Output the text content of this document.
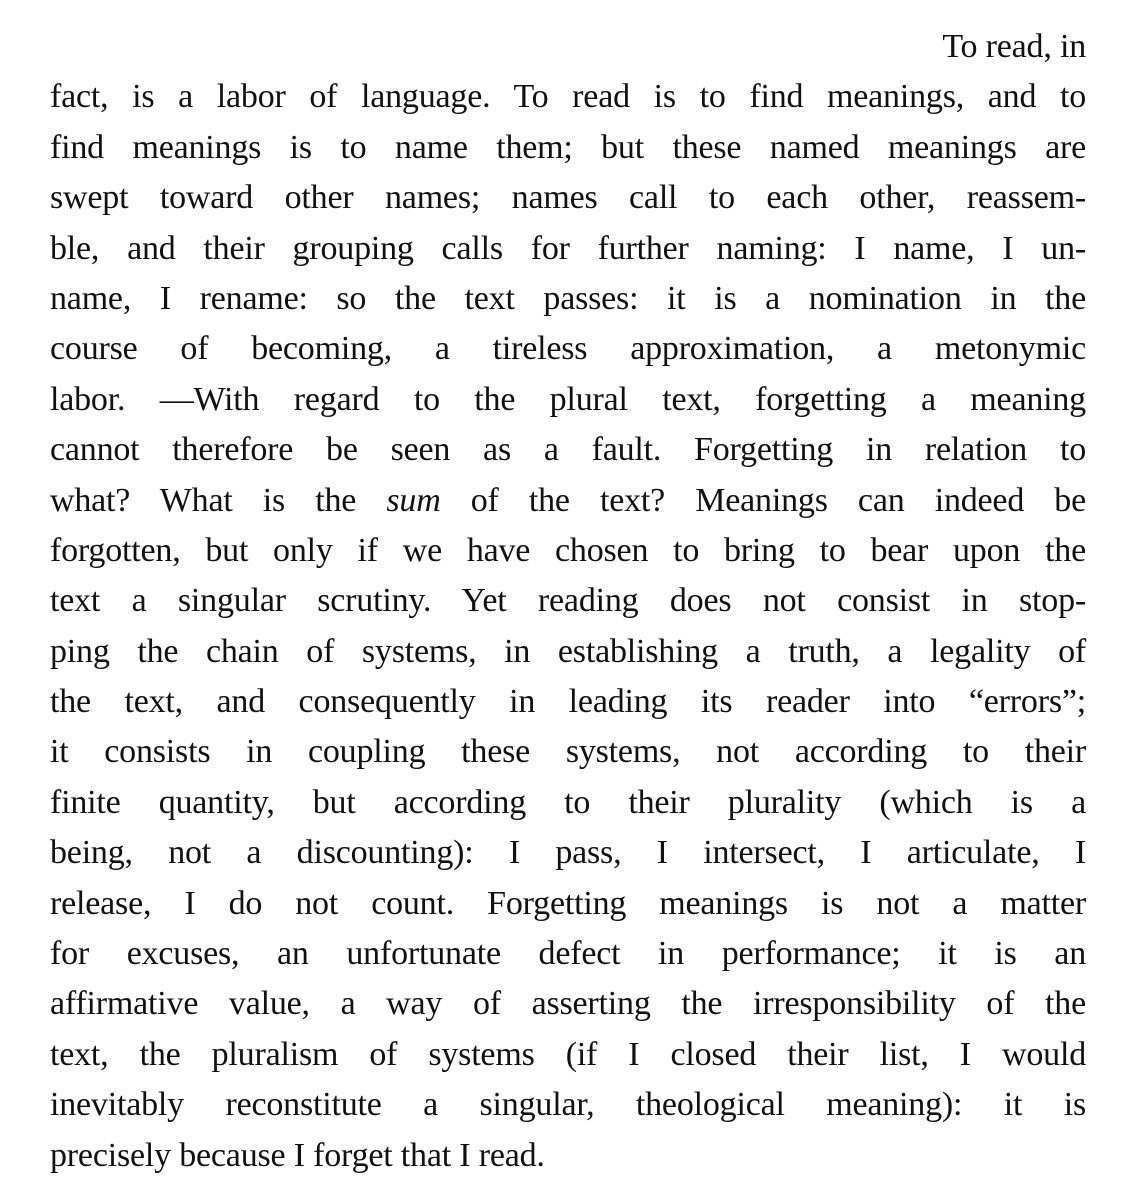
To read, in
fact, is a labor of language. To read is to find meanings, and to
find meanings is to name them; but these named meanings are
swept toward other names; names call to each other, reassem-
ble, and their grouping calls for further naming: I name, I un-
name, I rename: so the text passes: it is a nomination in the
course of becoming, a tireless approximation, a metonymic
labor. —With regard to the plural text, forgetting a meaning
cannot therefore be seen as a fault. Forgetting in relation to
what? What is the sum of the text? Meanings can indeed be
forgotten, but only if we have chosen to bring to bear upon the
text a singular scrutiny. Yet reading does not consist in stop-
ping the chain of systems, in establishing a truth, a legality of
the text, and consequently in leading its reader into “errors”;
it consists in coupling these systems, not according to their
finite quantity, but according to their plurality (which is a
being, not a discounting): I pass, I intersect, I articulate, I
release, I do not count. Forgetting meanings is not a matter
for excuses, an unfortunate defect in performance; it is an
affirmative value, a way of asserting the irresponsibility of the
text, the pluralism of systems (if I closed their list, I would
inevitably reconstitute a singular, theological meaning): it is
precisely because I forget that I read.
